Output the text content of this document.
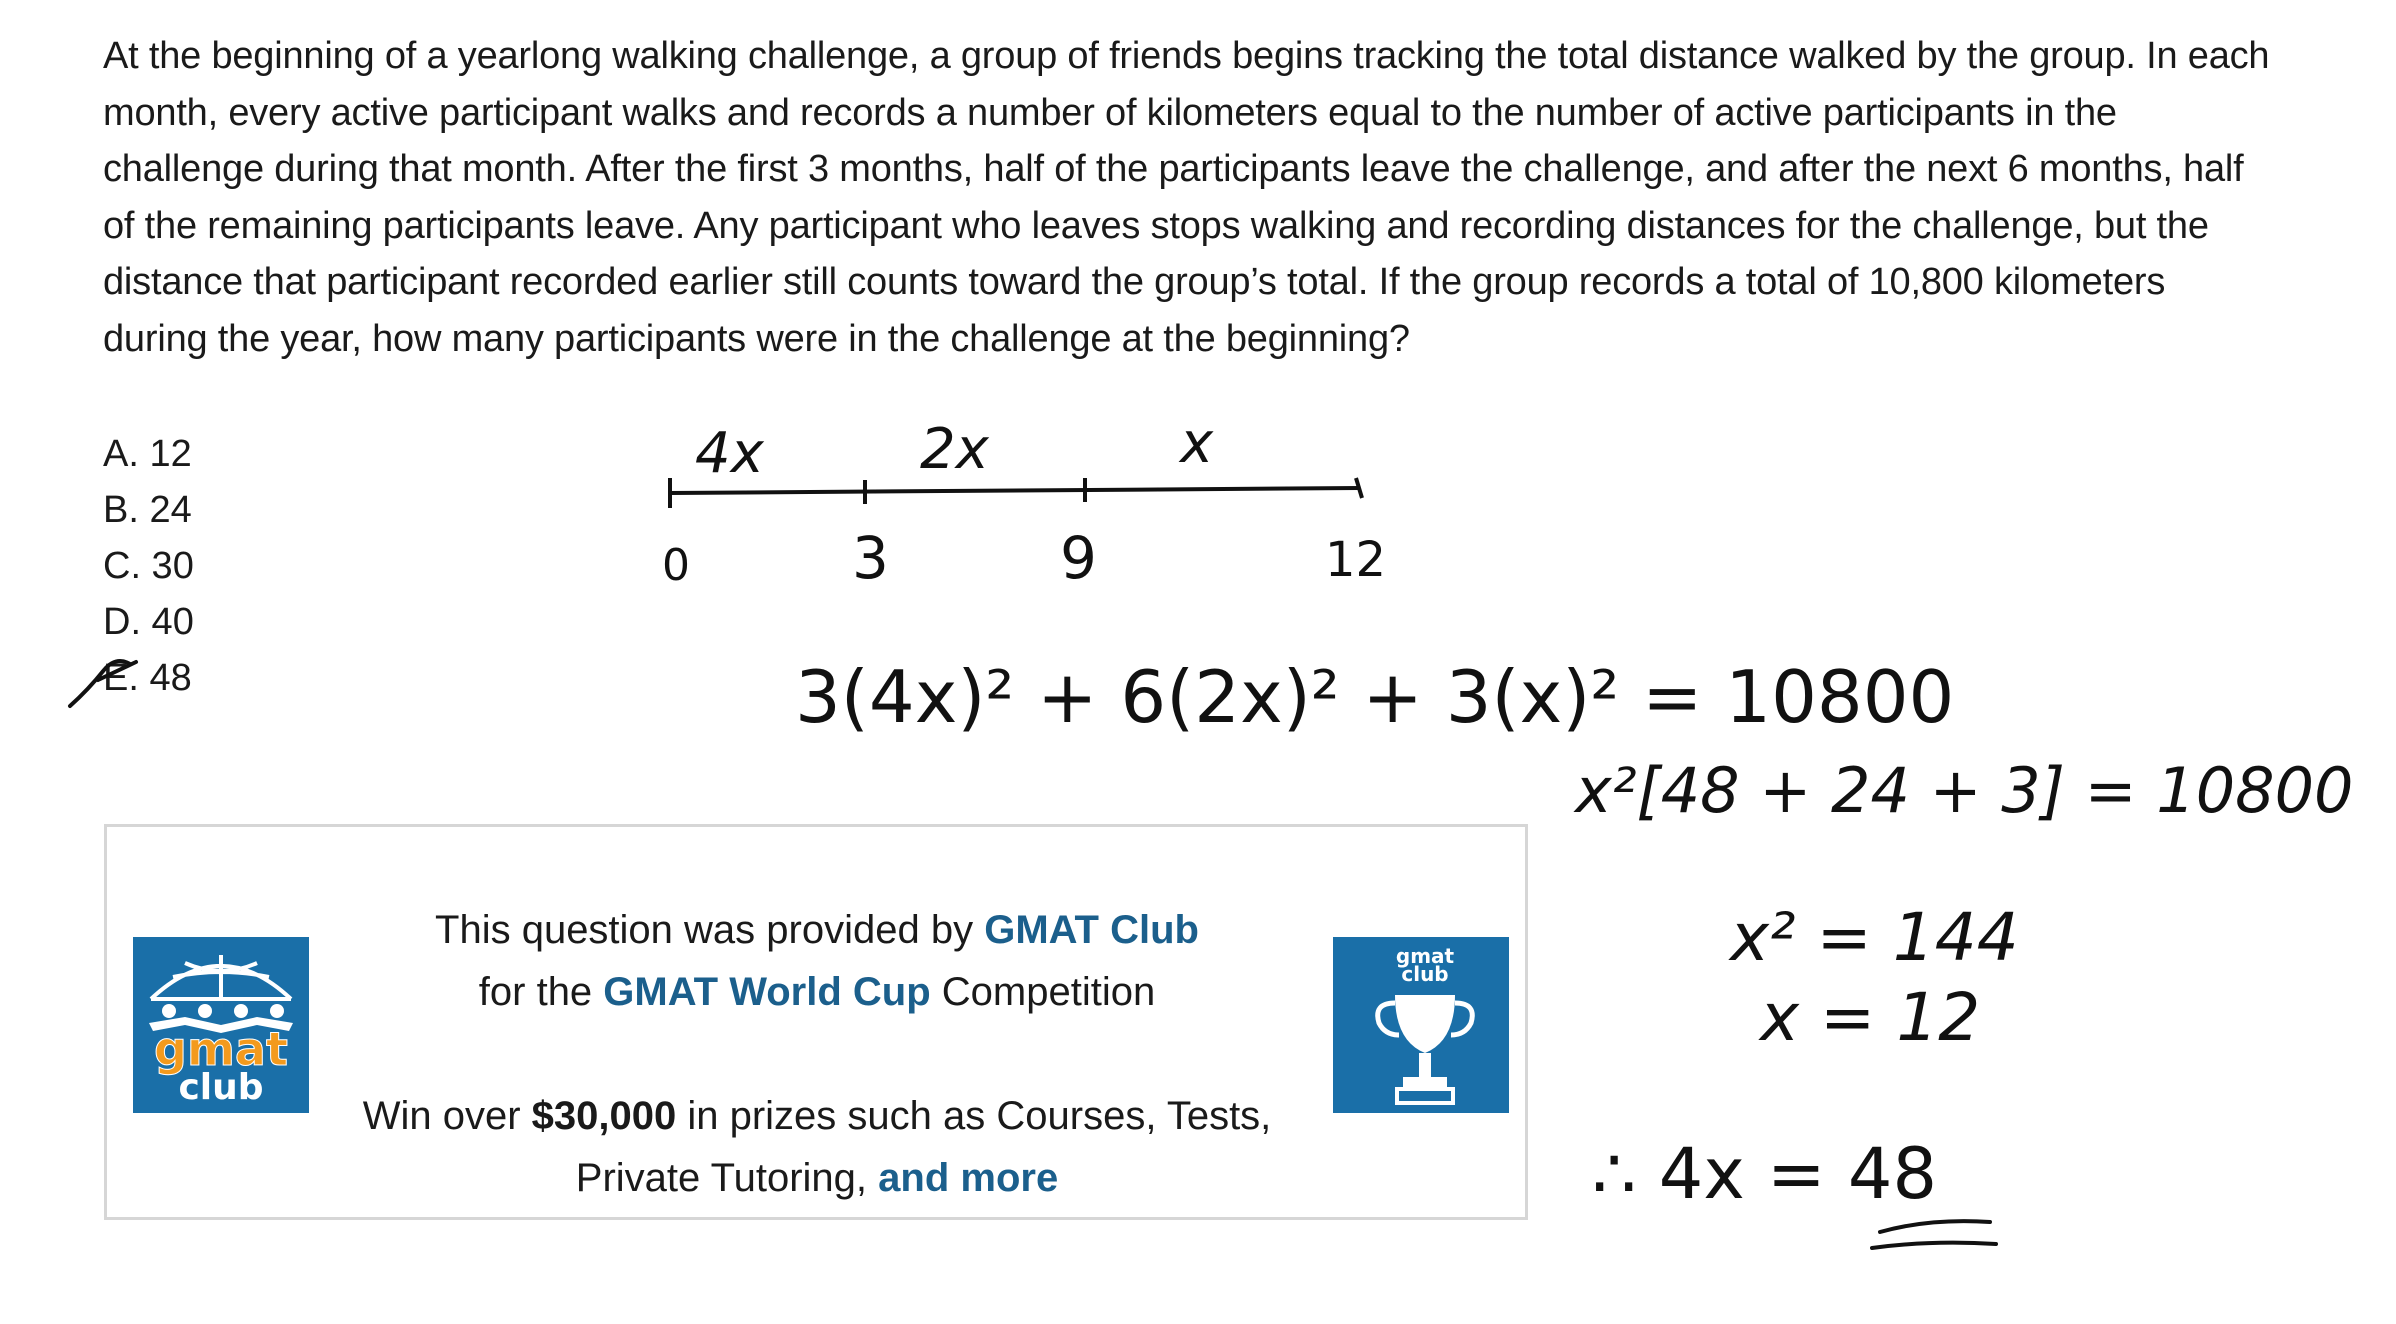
At the beginning of a yearlong walking challenge, a group of friends begins tracking the total distance walked by the group. In each

month, every active participant walks and records a number of kilometers equal to the number of active participants in the

challenge during that month. After the first 3 months, half of the participants leave the challenge, and after the next 6 months, half

of the remaining participants leave. Any participant who leaves stops walking and recording distances for the challenge, but the

distance that participant recorded earlier still counts toward the group’s total. If the group records a total of 10,800 kilometers

during the year, how many participants were in the challenge at the beginning?

A. 12
B. 24
C. 30
D. 40
E. 48
4x	2x	x
0	3	9	12
3(4x)² + 6(2x)² + 3(x)² = 10800
x²[48 + 24 + 3] = 10800
x² = 144
x = 12
∴ 4x = 48
gmat
club
This question was provided by GMAT Club
for the GMAT World Cup Competition
Win over $30,000 in prizes such as Courses, Tests,
Private Tutoring, and more
gmat
club
